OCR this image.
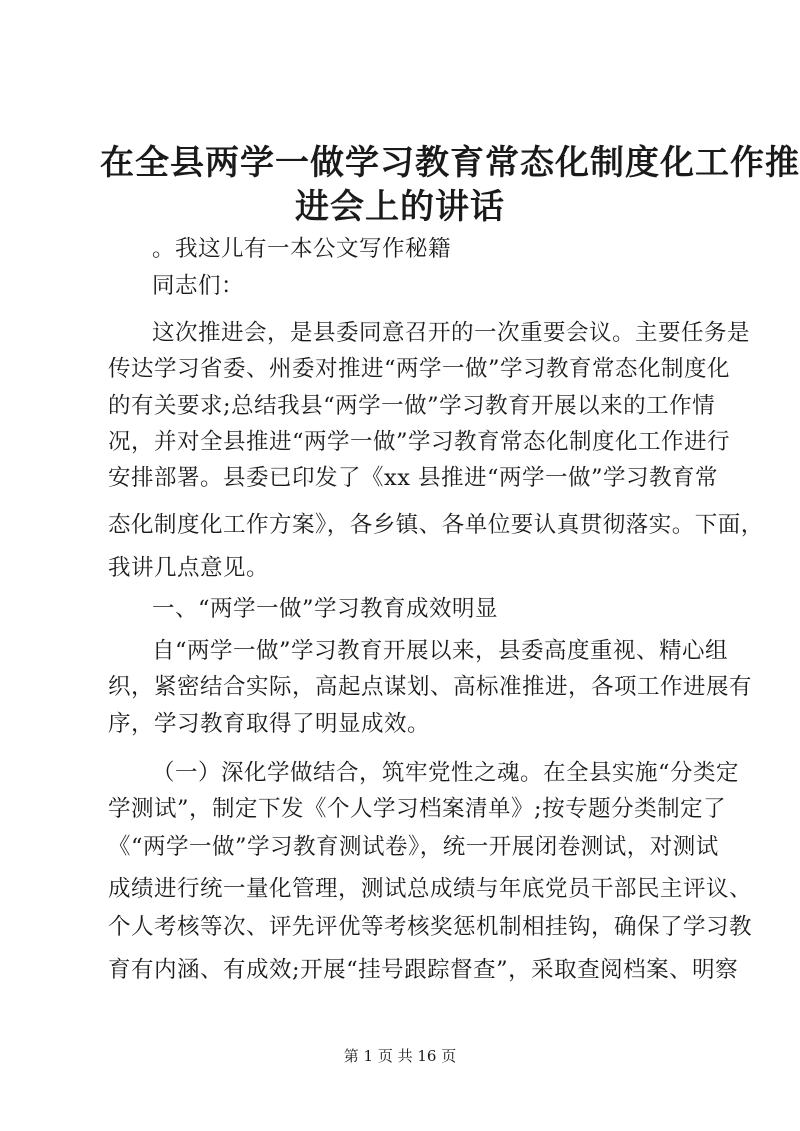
在全县两学一做学习教育常态化制度化工作推
进会上的讲话
。我这儿有一本公文写作秘籍
同志们：
这次推进会，是县委同意召开的一次重要会议。主要任务是
传达学习省委、州委对推进“两学一做”学习教育常态化制度化
的有关要求;总结我县“两学一做”学习教育开展以来的工作情
况，并对全县推进“两学一做”学习教育常态化制度化工作进行
安排部署。县委已印发了《xx 县推进“两学一做”学习教育常
态化制度化工作方案》，各乡镇、各单位要认真贯彻落实。下面，
我讲几点意见。
一、“两学一做”学习教育成效明显
自“两学一做”学习教育开展以来，县委高度重视、精心组
织，紧密结合实际，高起点谋划、高标准推进，各项工作进展有
序，学习教育取得了明显成效。
（一）深化学做结合，筑牢党性之魂。在全县实施“分类定
学测试”，制定下发《个人学习档案清单》;按专题分类制定了
《“两学一做”学习教育测试卷》，统一开展闭卷测试，对测试
成绩进行统一量化管理，测试总成绩与年底党员干部民主评议、
个人考核等次、评先评优等考核奖惩机制相挂钩，确保了学习教
育有内涵、有成效;开展“挂号跟踪督查”，采取查阅档案、明察
第 1 页 共 16 页
